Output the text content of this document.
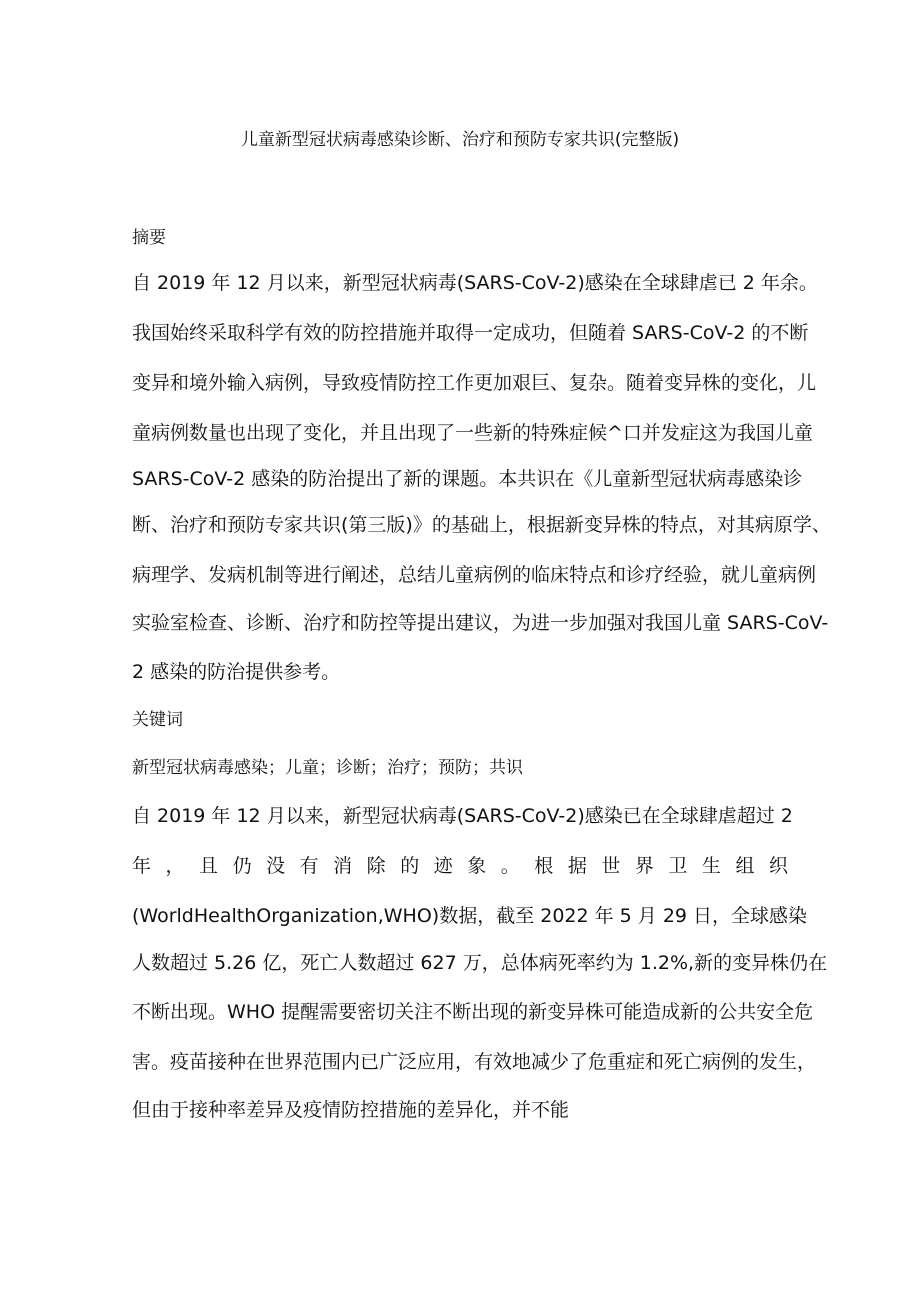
儿童新型冠状病毒感染诊断、治疗和预防专家共识(完整版)
摘要
自 2019 年 12 月以来，新型冠状病毒(SARS-CoV-2)感染在全球肆虐已 2 年余。
我国始终采取科学有效的防控措施并取得一定成功，但随着 SARS-CoV-2 的不断
变异和境外输入病例，导致疫情防控工作更加艰巨、复杂。随着变异株的变化，儿
童病例数量也出现了变化，并且出现了一些新的特殊症候^口并发症这为我国儿童
SARS-CoV-2 感染的防治提出了新的课题。本共识在《儿童新型冠状病毒感染诊
断、治疗和预防专家共识(第三版)》的基础上，根据新变异株的特点，对其病原学、
病理学、发病机制等进行阐述，总结儿童病例的临床特点和诊疗经验，就儿童病例
实验室检查、诊断、治疗和防控等提出建议，为进一步加强对我国儿童 SARS-CoV-
2 感染的防治提供参考。
关键词
新型冠状病毒感染；儿童；诊断；治疗；预防；共识
自 2019 年 12 月以来，新型冠状病毒(SARS-CoV-2)感染已在全球肆虐超过 2
年，且仍没有消除的迹象。根据世界卫生组织
(WorldHealthOrganization,WHO)数据，截至 2022 年 5 月 29 日，全球感染
人数超过 5.26 亿，死亡人数超过 627 万，总体病死率约为 1.2%,新的变异株仍在
不断出现。WHO 提醒需要密切关注不断出现的新变异株可能造成新的公共安全危
害。疫苗接种在世界范围内已广泛应用，有效地减少了危重症和死亡病例的发生，
但由于接种率差异及疫情防控措施的差异化，并不能
